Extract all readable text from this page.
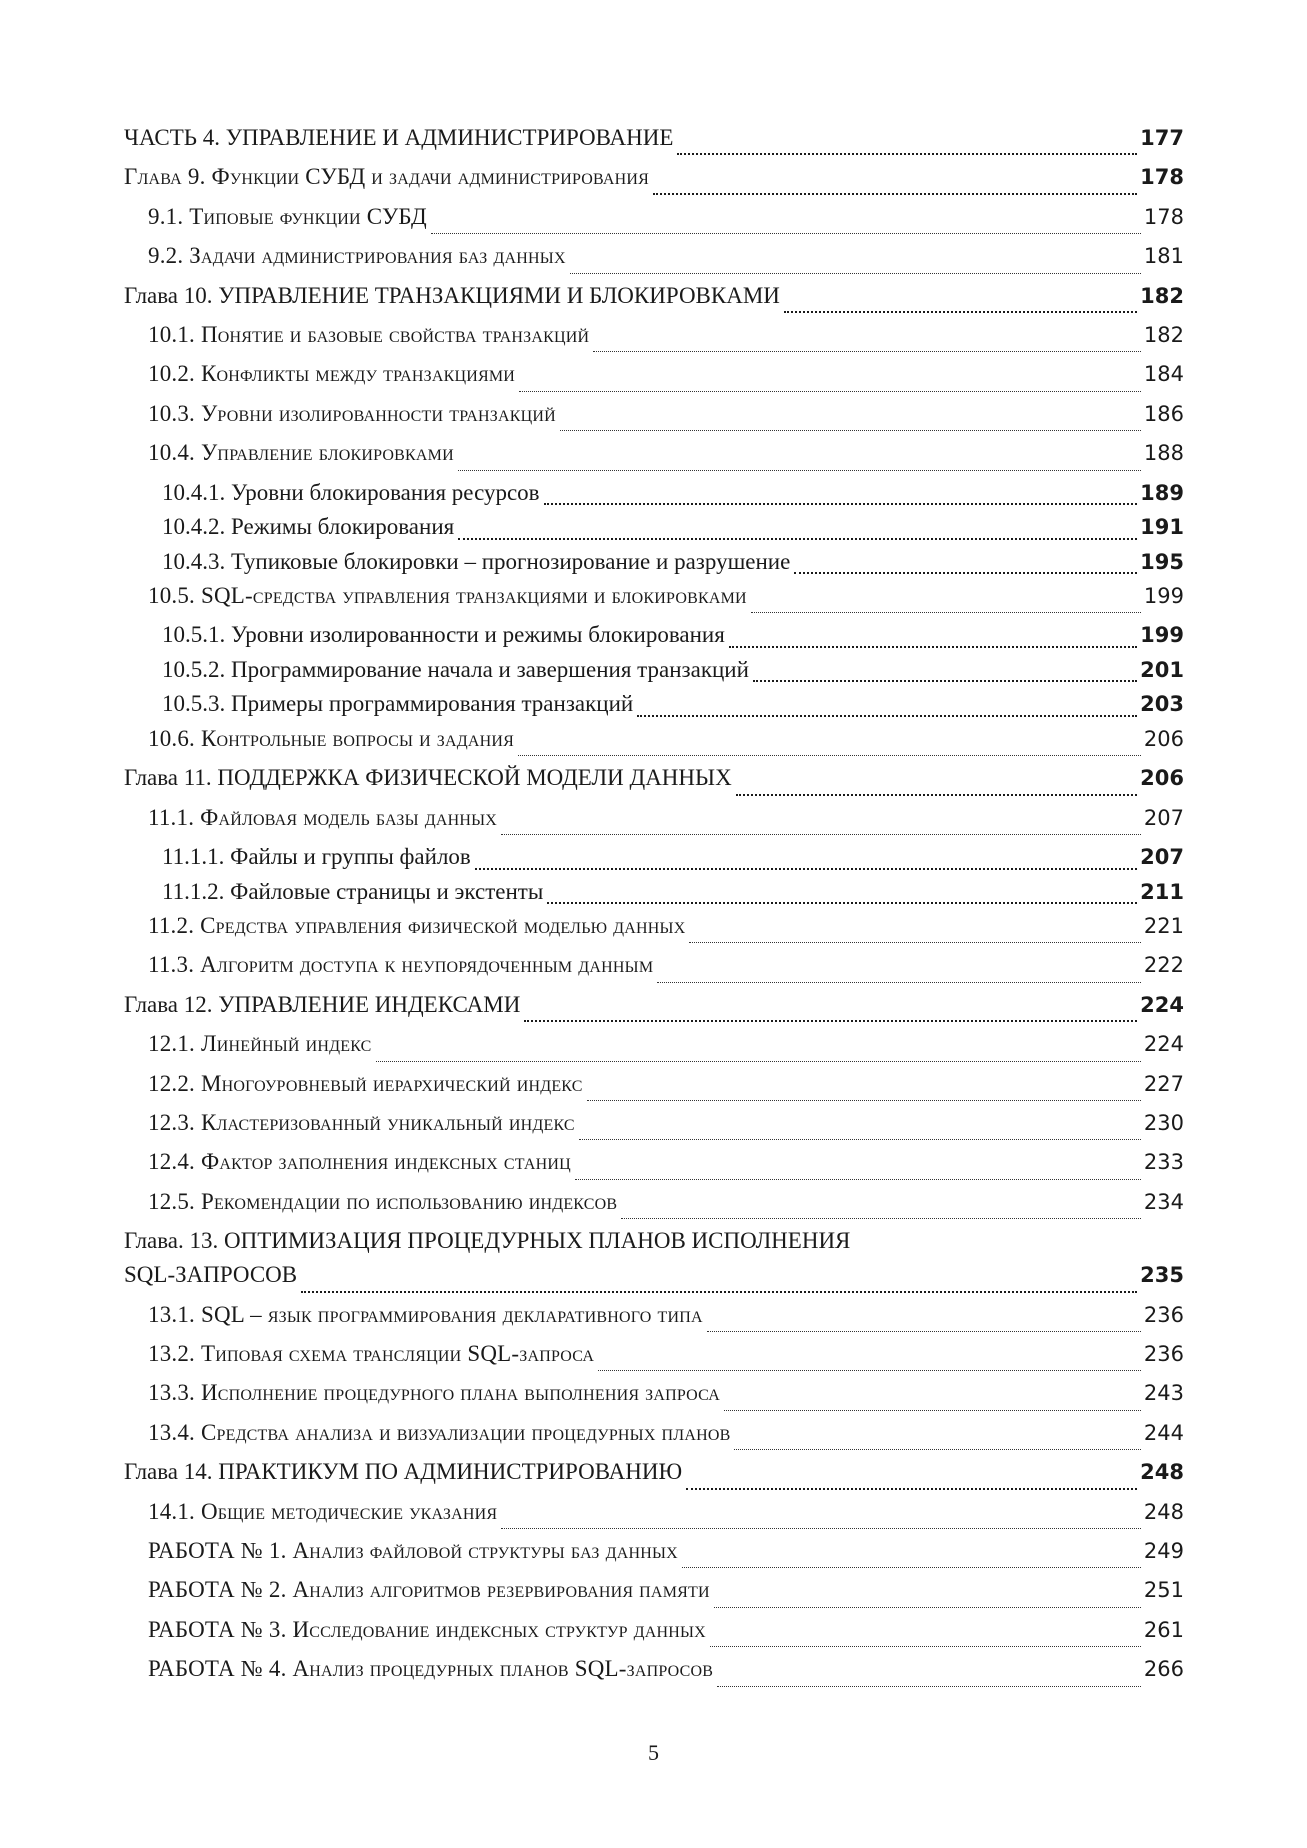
ЧАСТЬ 4. УПРАВЛЕНИЕ И АДМИНИСТРИРОВАНИЕ	177
Глава 9. Функции СУБД и задачи администрирования	178
9.1. Типовые функции СУБД	178
9.2. Задачи администрирования баз данных	181
Глава 10. УПРАВЛЕНИЕ ТРАНЗАКЦИЯМИ И БЛОКИРОВКАМИ	182
10.1. Понятие и базовые свойства транзакций	182
10.2. Конфликты между транзакциями	184
10.3. Уровни изолированности транзакций	186
10.4. Управление блокировками	188
10.4.1. Уровни блокирования ресурсов	189
10.4.2. Режимы блокирования	191
10.4.3. Тупиковые блокировки – прогнозирование и разрушение	195
10.5. SQL-средства управления транзакциями и блокировками	199
10.5.1. Уровни изолированности и режимы блокирования	199
10.5.2. Программирование начала и завершения транзакций	201
10.5.3. Примеры программирования транзакций	203
10.6. Контрольные вопросы и задания	206
Глава 11. ПОДДЕРЖКА ФИЗИЧЕСКОЙ МОДЕЛИ ДАННЫХ	206
11.1. Файловая модель базы данных	207
11.1.1. Файлы и группы файлов	207
11.1.2. Файловые страницы и экстенты	211
11.2. Средства управления физической моделью данных	221
11.3. Алгоритм доступа к неупорядоченным данным	222
Глава 12. УПРАВЛЕНИЕ ИНДЕКСАМИ	224
12.1. Линейный индекс	224
12.2. Многоуровневый иерархический индекс	227
12.3. Кластеризованный уникальный индекс	230
12.4. Фактор заполнения индексных станиц	233
12.5. Рекомендации по использованию индексов	234
Глава. 13. ОПТИМИЗАЦИЯ ПРОЦЕДУРНЫХ ПЛАНОВ ИСПОЛНЕНИЯ
SQL-ЗАПРОСОВ	235
13.1. SQL – язык программирования декларативного типа	236
13.2. Типовая схема трансляции SQL-запроса	236
13.3. Исполнение процедурного плана выполнения запроса	243
13.4. Средства анализа и визуализации процедурных планов	244
Глава 14. ПРАКТИКУМ ПО АДМИНИСТРИРОВАНИЮ	248
14.1. Общие методические указания	248
РАБОТА № 1. Анализ файловой структуры баз данных	249
РАБОТА № 2. Анализ алгоритмов резервирования памяти	251
РАБОТА № 3. Исследование индексных структур данных	261
РАБОТА № 4. Анализ процедурных планов SQL-запросов	266
5
